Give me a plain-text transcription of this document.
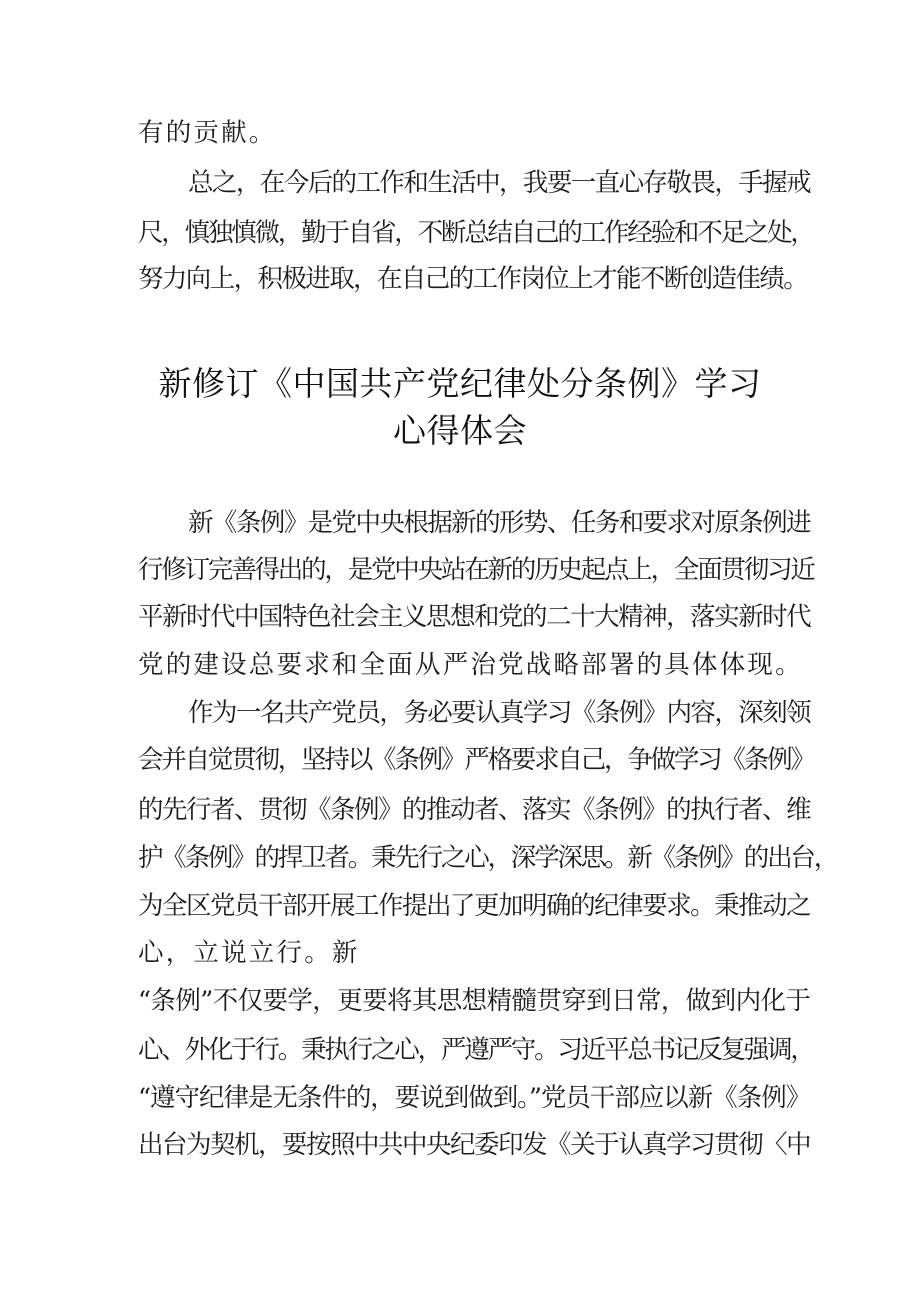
有的贡献。
总之，在今后的工作和生活中，我要一直心存敬畏，手握戒
尺，慎独慎微，勤于自省，不断总结自己的工作经验和不足之处，
努力向上，积极进取，在自己的工作岗位上才能不断创造佳绩。
新修订《中国共产党纪律处分条例》学习
心得体会
新《条例》是党中央根据新的形势、任务和要求对原条例进
行修订完善得出的，是党中央站在新的历史起点上，全面贯彻习近
平新时代中国特色社会主义思想和党的二十大精神，落实新时代
党的建设总要求和全面从严治党战略部署的具体体现。
作为一名共产党员，务必要认真学习《条例》内容，深刻领
会并自觉贯彻，坚持以《条例》严格要求自己，争做学习《条例》
的先行者、贯彻《条例》的推动者、落实《条例》的执行者、维
护《条例》的捍卫者。秉先行之心，深学深思。新《条例》的出台，
为全区党员干部开展工作提出了更加明确的纪律要求。秉推动之
心，立说立行。新
“条例”不仅要学，更要将其思想精髓贯穿到日常，做到内化于
心、外化于行。秉执行之心，严遵严守。习近平总书记反复强调，
“遵守纪律是无条件的，要说到做到。”党员干部应以新《条例》
出台为契机，要按照中共中央纪委印发《关于认真学习贯彻〈中
